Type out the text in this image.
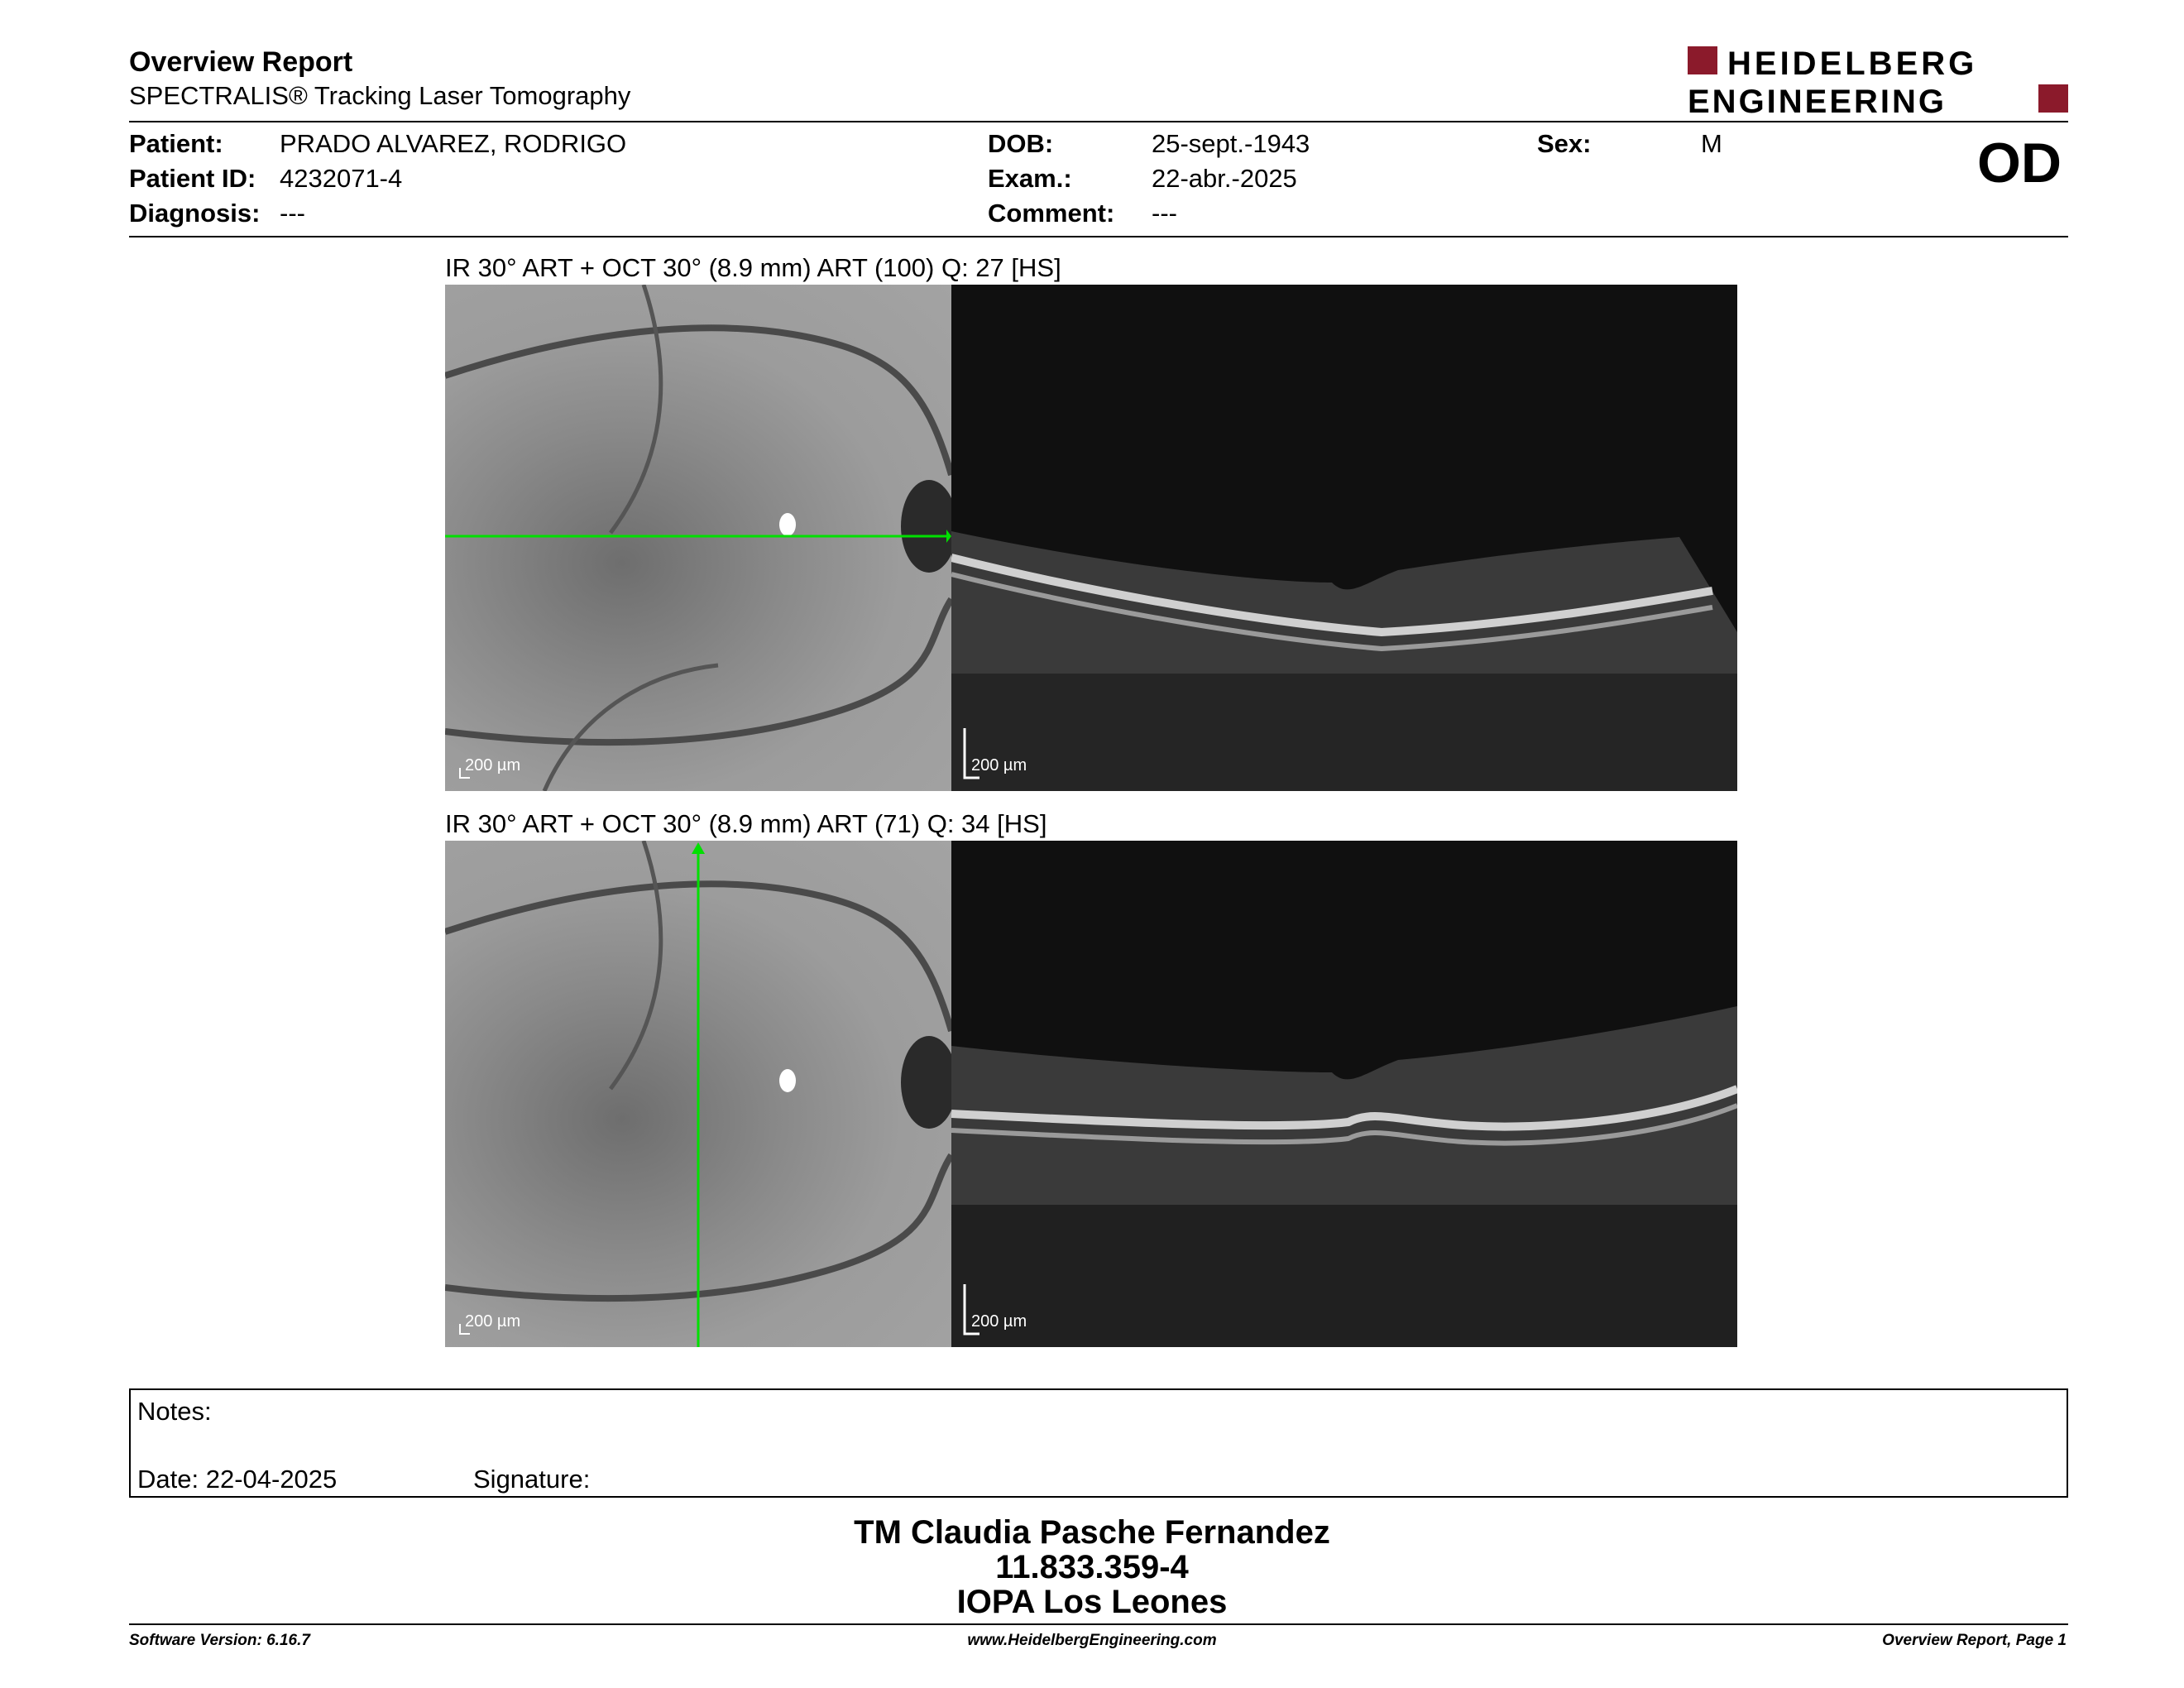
Overview Report
SPECTRALIS® Tracking Laser Tomography
HEIDELBERG
ENGINEERING
Patient: PRADO ALVAREZ, RODRIGO
Patient ID: 4232071-4
Diagnosis: ---
DOB:	25-sept.-1943
Exam.:	22-abr.-2025
Comment: ---
Sex:	M	OD
IR 30° ART + OCT 30° (8.9 mm) ART (100) Q: 27 [HS]
200 µm	200 µm
IR 30° ART + OCT 30° (8.9 mm) ART (71) Q: 34 [HS]
200 µm	200 µm
Notes:
Date: 22-04-2025	Signature:
TM Claudia Pasche Fernandez
11.833.359-4
IOPA Los Leones
Software Version: 6.16.7	www.HeidelbergEngineering.com	Overview Report, Page 1
